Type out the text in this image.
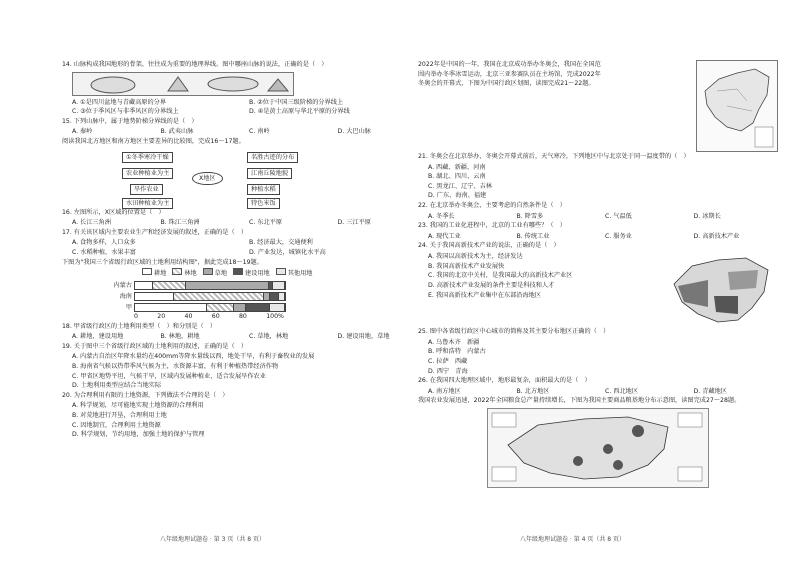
14. 山脉构成我国地形的骨架，往往成为重要的地理界线。图中哪座山脉的说法，正确的是（　）
A. ①是四川盆地与青藏高原的分界	B. ②位于中国三级阶梯的分界线上
C. ③位于季风区与非季风区的分界线上	D. ④是黄土高原与华北平原的分界线
15. 下列山脉中，属于地势阶梯分界线的是（　）
A. 秦岭	B. 武夷山脉	C. 南岭	D. 大巴山脉
阅读我国北方地区和南方地区主要差异的比较图，完成16～17题。
X地区
①冬季寒冷干燥
农业种植业为主
旱作农业
水田种植业为主
名胜古迹的分布
江南丘陵地貌
种植水稻
特色米饭
16. 左图所示，X区域的位置是（　）
A. 长江三角洲	B. 珠江三角洲	C. 东北平原	D. 三江平原
17. 有关该区域内主要农业生产和经济发展的叙述，正确的是（　）
A. 食物多样，人口众多	B. 经济最大，交通便利
C. 水稻种植，水果丰富	D. 产业发达，城镇化水平高
下图为"我国三个省级行政区域的土地利用结构图"，据此完成18～19题。
耕地	林地	草地	建设用地	其他用地
内蒙古
海南
甲
0	20	40	60	80	100%
18. 甲省级行政区的土地利用类型（　）和分别是（　）
A. 耕地，建设用地	B. 林地，耕地	C. 草地，林地	D. 建设用地，草地
19. 关于图中三个省级行政区域的土地利用的叙述，正确的是（　）
A. 内蒙古自治区年降水量约在400mm等降水量线以西，地处干旱，有利于畜牧业的发展
B. 海南省气候以热带季风气候为主，水资源丰富，有利于种植热带经济作物
C. 甲省区地势平坦，气候干旱，区域内发展种植业，适合发展旱作农业
D. 土地利用类型应结合当地实际
20. 为合理利用有限的土地资源，下列做法不合理的是（　）
A. 科学规划，尽可能地实现土地资源的合理利用
B. 对荒地进行开垦，合理利用土地
C. 因地制宜，合理利用土地资源
D. 科学规划，节约用地，加强土地的保护与管理
八年级地理试题卷 · 第 3 页（共 8 页）
2022年是中国的一年，我国在北京成功举办冬奥会，我国在全国范围内举办冬季冰雪运动，北京三亚参赛队员在主场馆，完成2022年冬奥会的开幕式，下图为中国行政区划图，读图完成21～22题。
21. 冬奥会在北京举办，冬奥会开幕式前后，天气寒冷，下列地区中与北京处于同一温度带的（　）
A. 西藏、新疆、河南
B. 湖北、四川、云南
C. 黑龙江、辽宁、吉林
D. 广东、海南、福建
22. 在北京举办冬奥会，主要考虑的自然条件是（　）
A. 冬季长	B. 降雪多	C. 气温低	D. 冰期长
23. 我国的工业化进程中，北京的工业有哪些？（　）
A. 现代工业	B. 传统工业	C. 服务业	D. 高新技术产业
24. 关于我国高新技术产业的说法，正确的是（　）
A. 我国以高新技术为主，经济发达
B. 我国高新技术产业发展快
C. 我国的北京中关村，是我国最大的高新技术产业区
D. 高新技术产业发展的条件主要是科技和人才
E. 我国高新技术产业集中在东部沿海地区
25. 图中各省级行政区中心城市的简称及其主要分布地区正确的（　）
A. 乌鲁木齐　新疆
B. 呼和浩特　内蒙古
C. 拉萨　西藏
D. 西宁　青海
26. 在我国四大地理区域中，地形最复杂，面积最大的是（　）
A. 南方地区	B. 北方地区	C. 西北地区	D. 青藏地区
我国农业发展迅速，2022年全国粮食总产量持续增长，下图为我国主要商品粮基地分布示意图，读图完成27～28题。
八年级地理试题卷 · 第 4 页（共 8 页）
